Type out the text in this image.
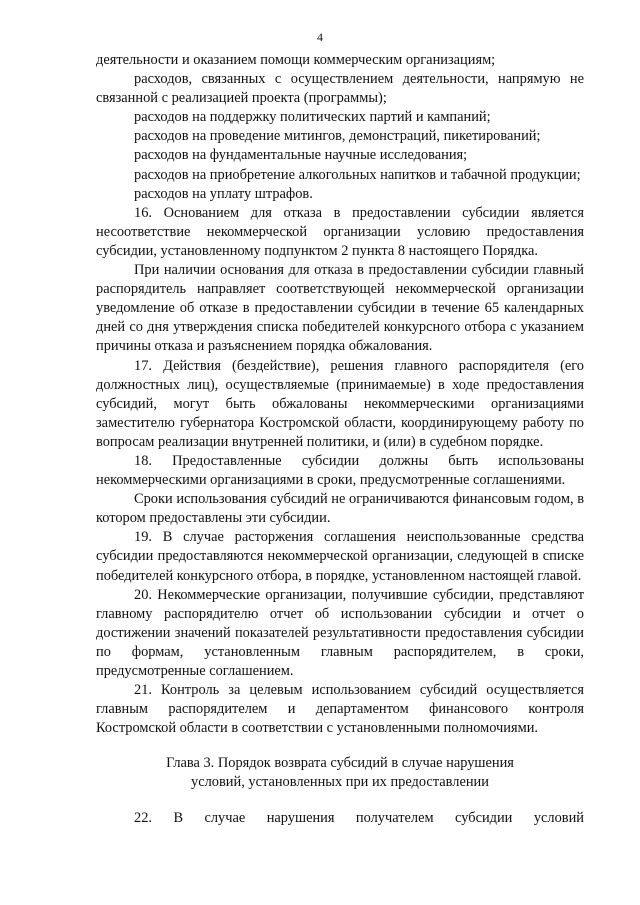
4

деятельности и оказанием помощи коммерческим организациям;

расходов, связанных с осуществлением деятельности, напрямую не связанной с реализацией проекта (программы);

расходов на поддержку политических партий и кампаний;

расходов на проведение митингов, демонстраций, пикетирований;

расходов на фундаментальные научные исследования;

расходов на приобретение алкогольных напитков и табачной продукции;

расходов на уплату штрафов.

16. Основанием для отказа в предоставлении субсидии является несоответствие некоммерческой организации условию предоставления субсидии, установленному подпунктом 2 пункта 8 настоящего Порядка.

При наличии основания для отказа в предоставлении субсидии главный распорядитель направляет соответствующей некоммерческой организации уведомление об отказе в предоставлении субсидии в течение 65 календарных дней со дня утверждения списка победителей конкурсного отбора с указанием причины отказа и разъяснением порядка обжалования.

17. Действия (бездействие), решения главного распорядителя (его должностных лиц), осуществляемые (принимаемые) в ходе предоставления субсидий, могут быть обжалованы некоммерческими организациями заместителю губернатора Костромской области, координирующему работу по вопросам реализации внутренней политики, и (или) в судебном порядке.

18. Предоставленные субсидии должны быть использованы некоммерческими организациями в сроки, предусмотренные соглашениями.

Сроки использования субсидий не ограничиваются финансовым годом, в котором предоставлены эти субсидии.

19. В случае расторжения соглашения неиспользованные средства субсидии предоставляются некоммерческой организации, следующей в списке победителей конкурсного отбора, в порядке, установленном настоящей главой.

20. Некоммерческие организации, получившие субсидии, представляют главному распорядителю отчет об использовании субсидии и отчет о достижении значений показателей результативности предоставления субсидии по формам, установленным главным распорядителем, в сроки, предусмотренные соглашением.

21. Контроль за целевым использованием субсидий осуществляется главным распорядителем и департаментом финансового контроля Костромской области в соответствии с установленными полномочиями.

Глава 3. Порядок возврата субсидий в случае нарушения
условий, установленных при их предоставлении
22. В случае нарушения получателем субсидии условий
